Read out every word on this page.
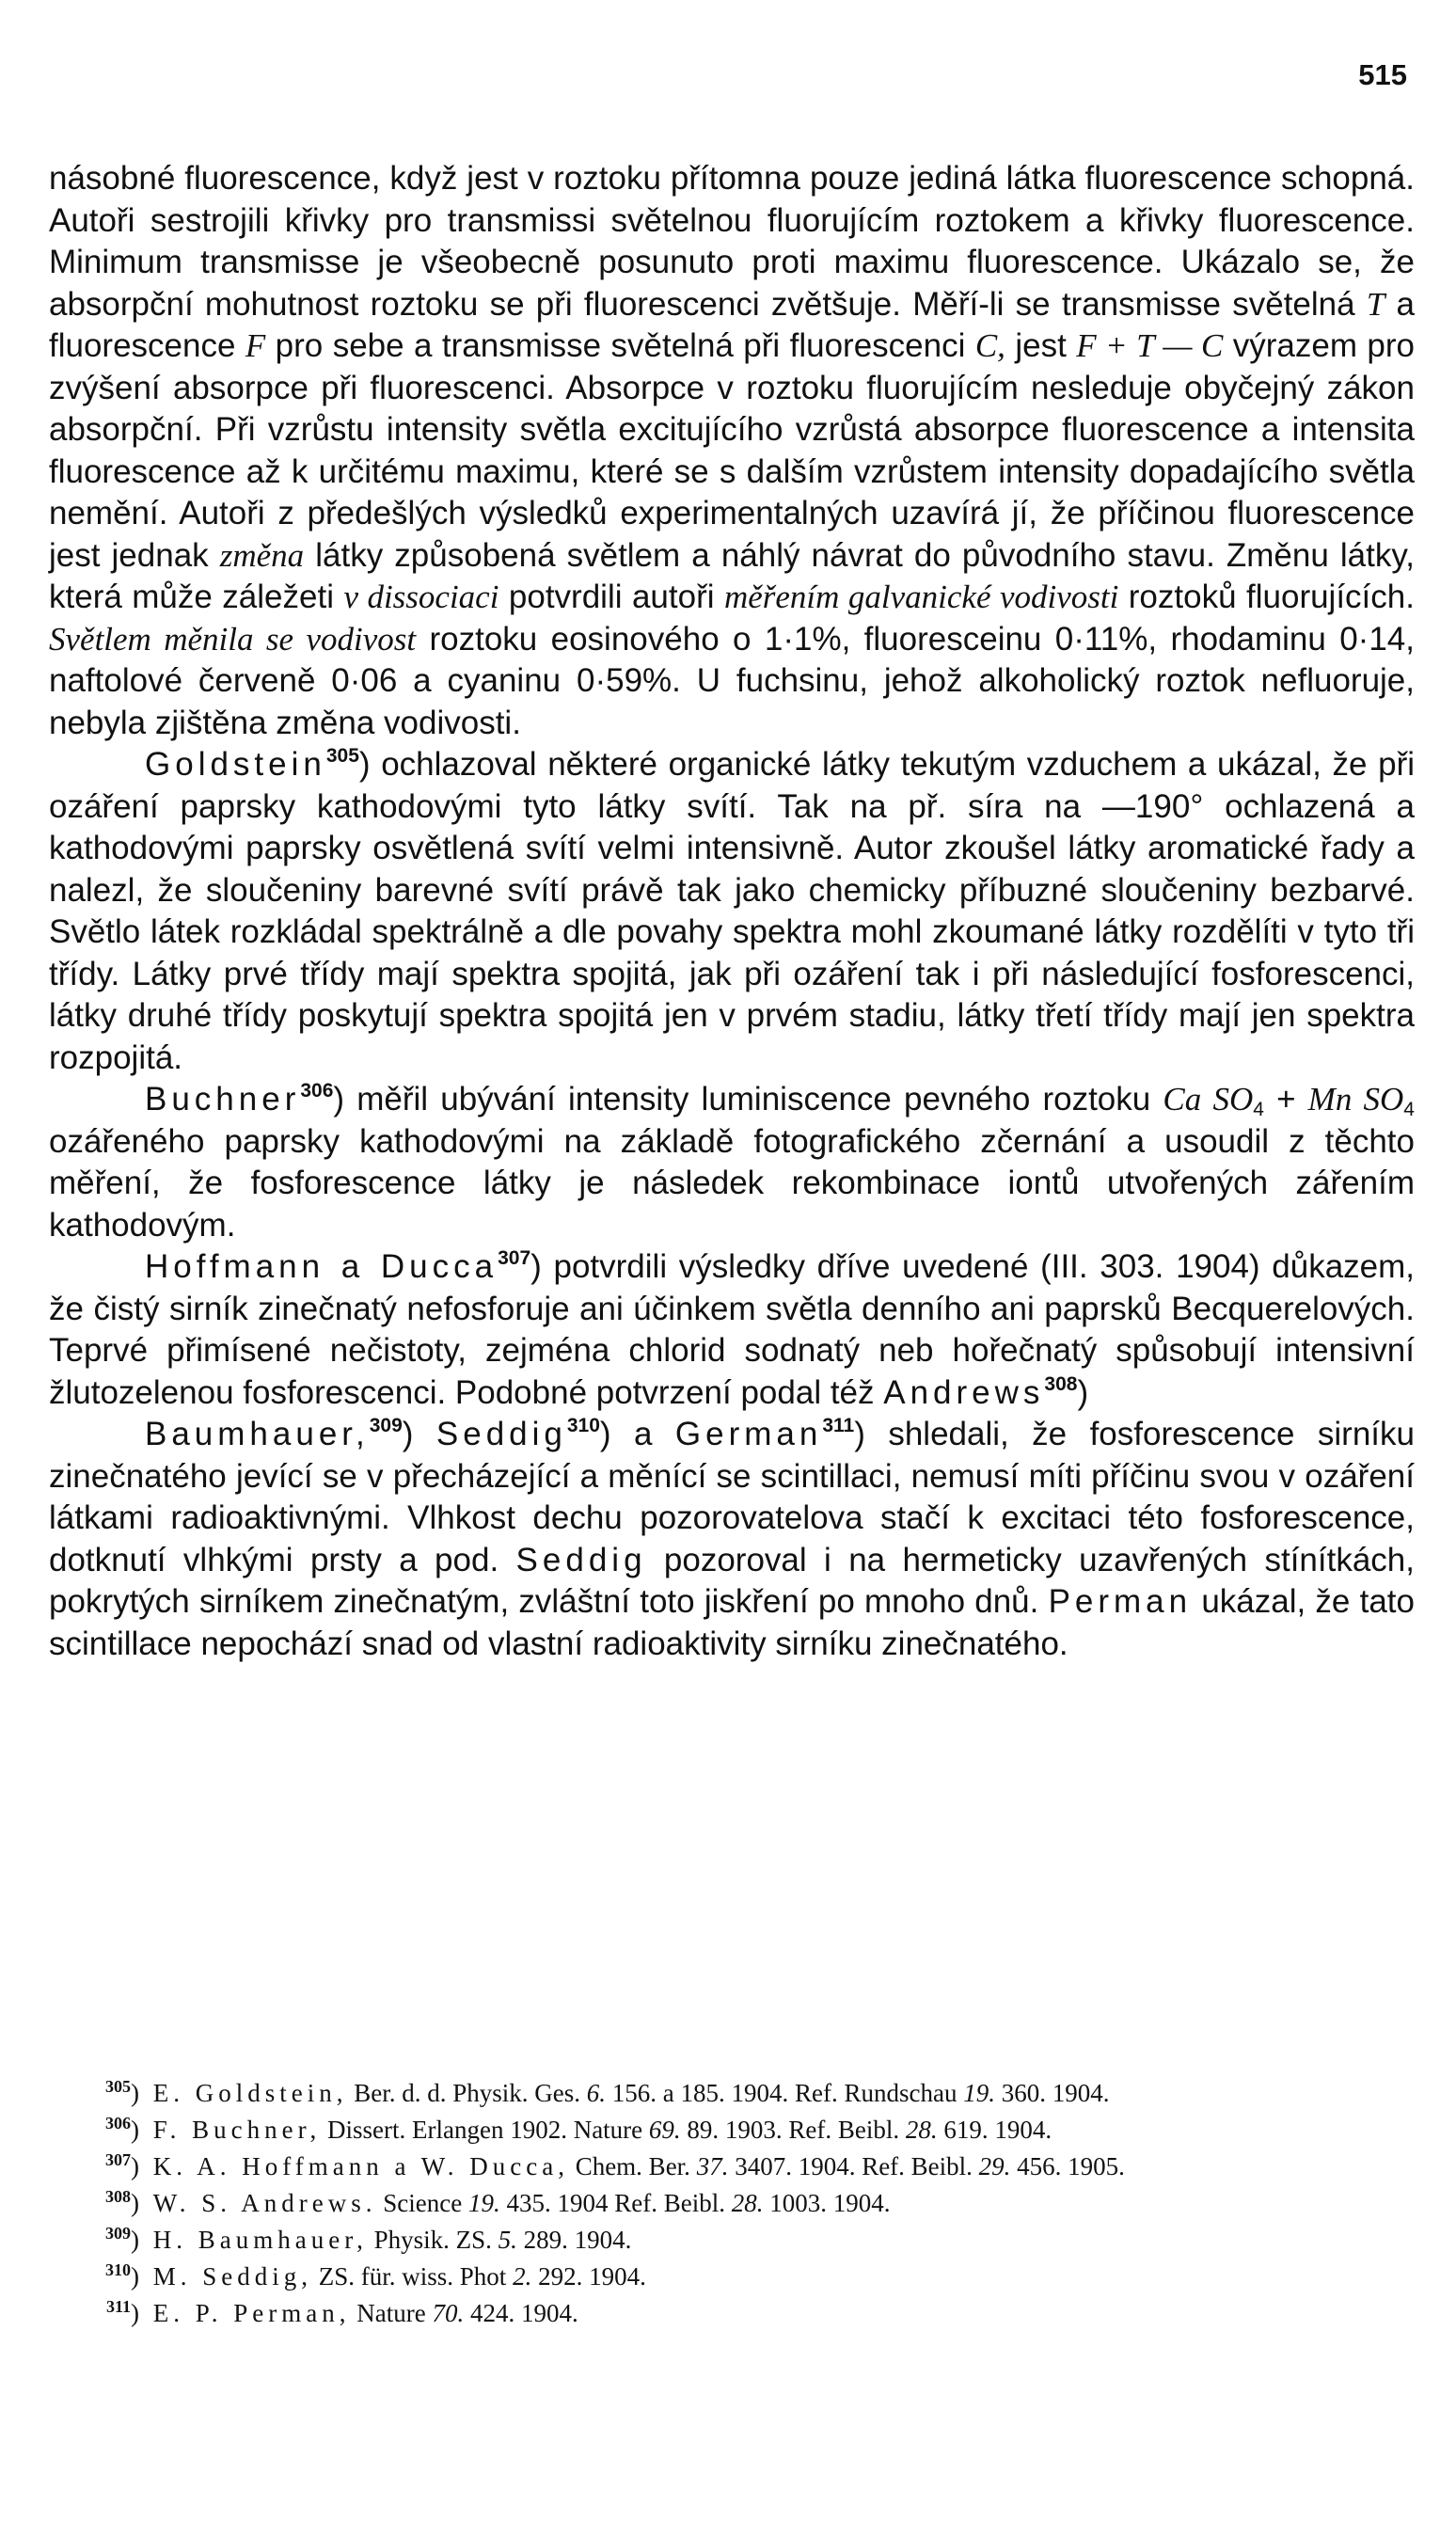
515

násobné fluorescence, když jest v roztoku přítomna pouze jediná látka fluorescence schopná. Autoři sestrojili křivky pro transmissi světelnou fluorujícím roztokem a křivky fluorescence. Minimum transmisse je všeobecně posunuto proti maximu fluorescence. Ukázalo se, že absorpční mohutnost roztoku se při fluorescenci zvětšuje. Měří-li se transmisse světelná T a fluorescence F pro sebe a transmisse světelná při fluorescenci C, jest F + T — C výrazem pro zvýšení absorpce při fluorescenci. Absorpce v roztoku fluorujícím nesleduje obyčejný zákon absorpční. Při vzrůstu intensity světla excitujícího vzrůstá absorpce fluorescence a intensita fluorescence až k určitému maximu, které se s dalším vzrůstem intensity dopadajícího světla nemění. Autoři z předešlých výsledků experimentalných uzavírá jí, že příčinou fluorescence jest jednak změna látky způsobená světlem a náhlý návrat do původního stavu. Změnu látky, která může záležeti v dissociaci potvrdili autoři měřením galvanické vodivosti roztoků fluorujících. Světlem měnila se vodivost roztoku eosinového o 1·1%, fluoresceinu 0·11%, rhodaminu 0·14, naftolové červeně 0·06 a cyaninu 0·59%. U fuchsinu, jehož alkoholický roztok nefluoruje, nebyla zjištěna změna vodivosti.

Goldstein$^{305}$) ochlazoval některé organické látky tekutým vzduchem a ukázal, že při ozáření paprsky kathodovými tyto látky svítí. Tak na př. síra na —190° ochlazená a kathodovými paprsky osvětlená svítí velmi intensivně. Autor zkoušel látky aromatické řady a nalezl, že sloučeniny barevné svítí právě tak jako chemicky příbuzné sloučeniny bezbarvé. Světlo látek rozkládal spektrálně a dle povahy spektra mohl zkoumané látky rozdělíti v tyto tři třídy. Látky prvé třídy mají spektra spojitá, jak při ozáření tak i při následující fosforescenci, látky druhé třídy poskytují spektra spojitá jen v prvém stadiu, látky třetí třídy mají jen spektra rozpojitá.

Buchner$^{306}$) měřil ubývání intensity luminiscence pevného roztoku Ca $SO_4 + Mn$ $SO_4$ ozářeného paprsky kathodovými na základě fotografického zčernání a usoudil z těchto měření, že fosforescence látky je následek rekombinace iontů utvořených zářením kathodovým.

Hoffmann a Ducca$^{307}$) potvrdili výsledky dříve uvedené (III. 303. 1904) důkazem, že čistý sirník zinečnatý nefosforuje ani účinkem světla denního ani paprsků Becquerelových. Teprvé přimísené nečistoty, zejména chlorid sodnatý neb hořečnatý spůsobují intensivní žlutozelenou fosforescenci. Podobné potvrzení podal též Andrews$^{308}$)

Baumhauer,$^{309}$) Seddig$^{310}$) a German$^{311}$) shledali, že fosforescence sirníku zinečnatého jevící se v přecházející a měnící se scintillaci, nemusí míti příčinu svou v ozáření látkami radioaktivnými. Vlhkost dechu pozorovatelova stačí k excitaci této fosforescence, dotknutí vlhkými prsty a pod. Seddig pozoroval i na hermeticky uzavřených stínítkách, pokrytých sirníkem zinečnatým, zvláštní toto jiskření po mnoho dnů. Perman ukázal, že tato scintillace nepochází snad od vlastní radioaktivity sirníku zinečnatého.

$^{305}$) E. Goldstein, Ber. d. d. Physik. Ges. 6. 156. a 185. 1904. Ref. Rundschau 19. 360. 1904.

$^{306}$) F. Buchner, Dissert. Erlangen 1902. Nature 69. 89. 1903. Ref. Beibl. 28. 619. 1904.

$^{307}$) K. A. Hoffmann a W. Ducca, Chem. Ber. 37. 3407. 1904. Ref. Beibl. 29. 456. 1905.

$^{308}$) W. S. Andrews. Science 19. 435. 1904 Ref. Beibl. 28. 1003. 1904.

$^{309}$) H. Baumhauer, Physik. ZS. 5. 289. 1904.

$^{310}$) M. Seddig, ZS. für. wiss. Phot 2. 292. 1904.

$^{311}$) E. P. Perman, Nature 70. 424. 1904.
